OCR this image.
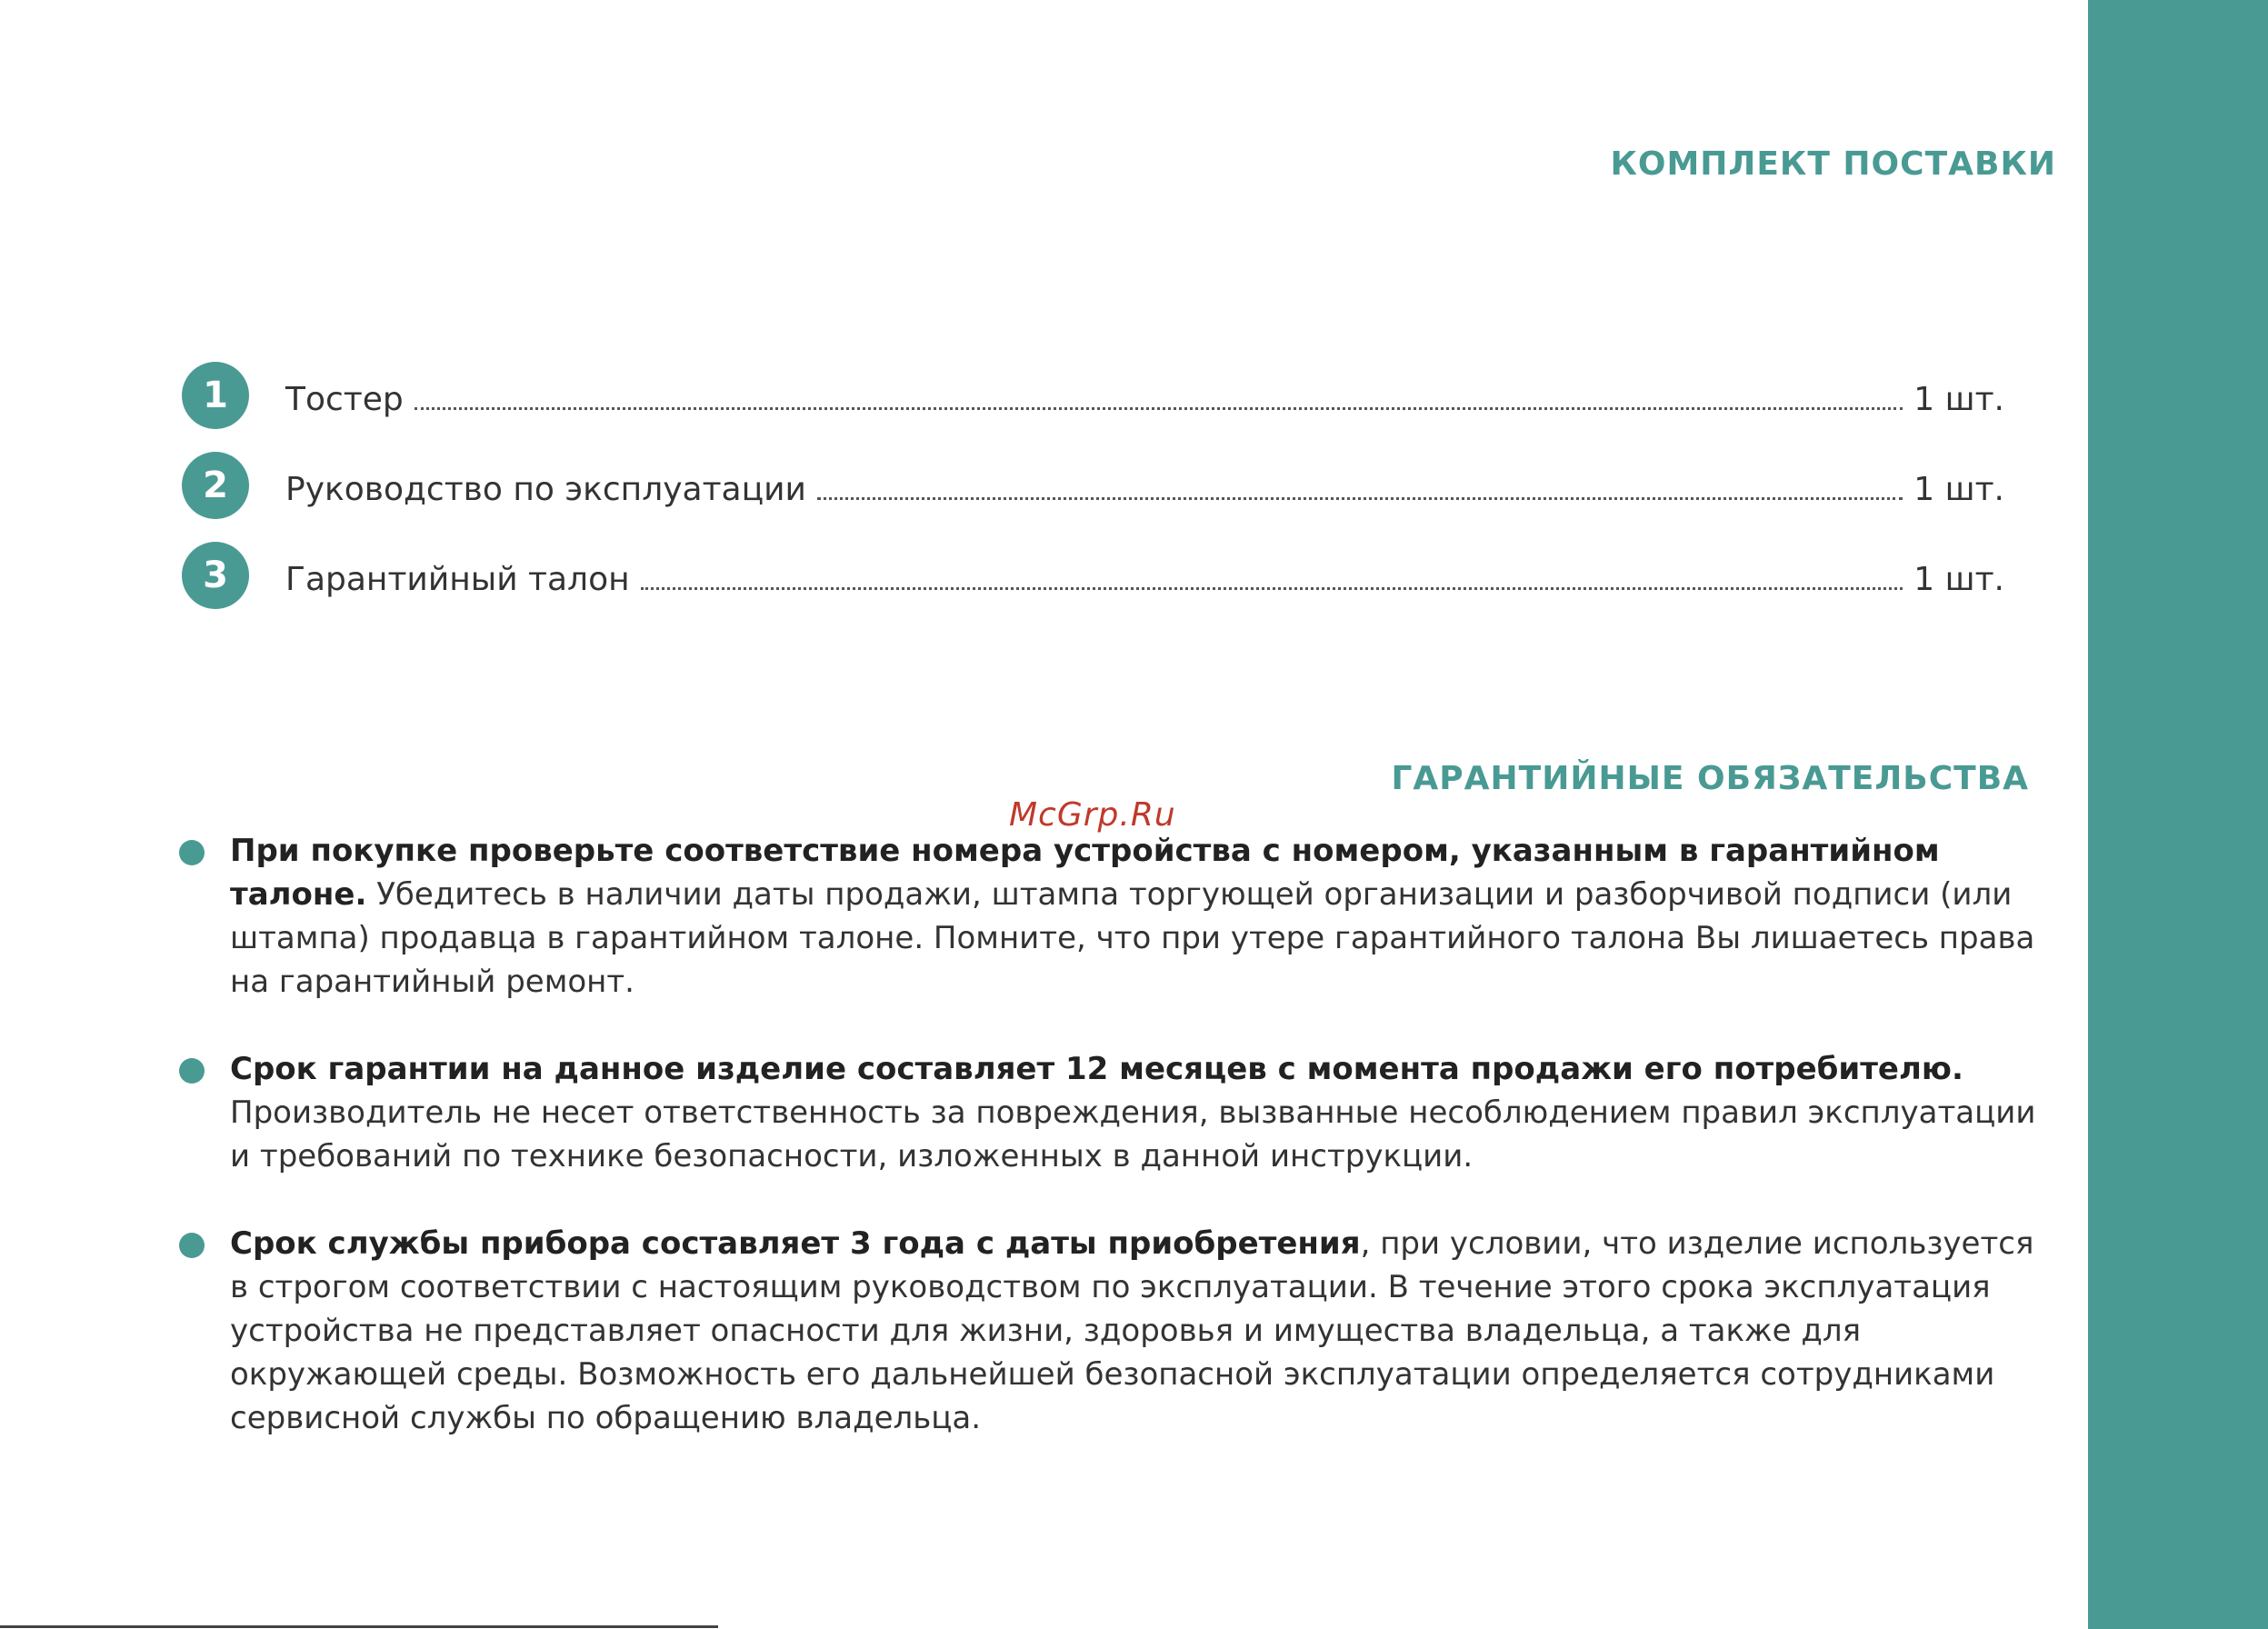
КОМПЛЕКТ ПОСТАВКИ
1	Тостер	1 шт.
2	Руководство по эксплуатации	1 шт.
3	Гарантийный талон	1 шт.
ГАРАНТИЙНЫЕ ОБЯЗАТЕЛЬСТВА
McGrp.Ru
При покупке проверьте соответствие номера устройства с номером, указанным в гарантийном талоне. Убедитесь в наличии даты продажи, штампа торгующей организации и разборчивой подписи (или штампа) продавца в гарантийном талоне. Помните, что при утере гарантийного талона Вы лишаетесь права на гарантийный ремонт.
Срок гарантии на данное изделие составляет 12 месяцев с момента продажи его потребителю. Производитель не несет ответственность за повреждения, вызванные несоблюдением правил эксплуатации и требований по технике безопасности, изложенных в данной инструкции.
Срок службы прибора составляет 3 года с даты приобретения, при условии, что изделие используется в строгом соответствии с настоящим руководством по эксплуатации. В течение этого срока эксплуатация устройства не представляет опасности для жизни, здоровья и имущества владельца, а также для окружающей среды. Возможность его дальнейшей безопасной эксплуатации определяется сотрудниками сервисной службы по обращению владельца.
